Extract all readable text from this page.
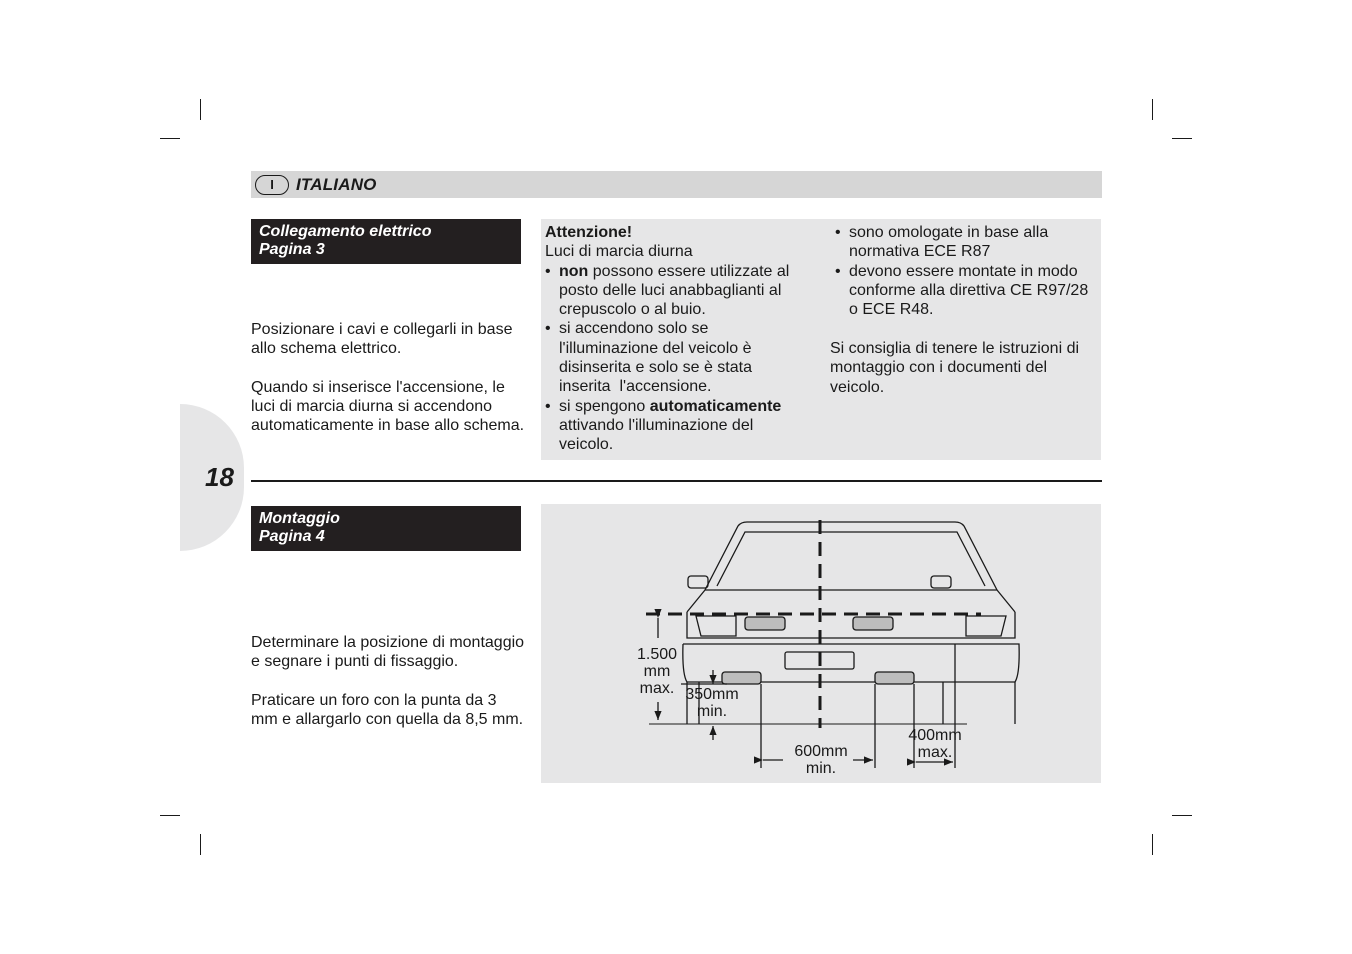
I	ITALIANO
Collegamento elettrico
Pagina 3

Posizionare i cavi e collegarli in base allo schema elettrico.

Quando si inserisce l'accensione, le luci di marcia diurna si accendono automaticamente in base allo schema.

Attenzione!
Luci di marcia diurna
• non possono essere utilizzate al posto delle luci anabbaglianti al crepuscolo o al buio.
• si accendono solo se l'illuminazione del veicolo è disinserita e solo se è stata inserita  l'accensione.
• si spengono automaticamente attivando l'illuminazione del veicolo.
• sono omologate in base alla normativa ECE R87
• devono essere montate in modo conforme alla direttiva CE R97/28 o ECE R48.
Si consiglia di tenere le istruzioni di montaggio con i documenti del veicolo.
18
Montaggio
Pagina 4

Determinare la posizione di montaggio e segnare i punti di fissaggio.

Praticare un foro con la punta da 3 mm e allargarlo con quella da 8,5 mm.

1.500
mm
max. 350mm
min.
600mm
min.
400mm
max.
